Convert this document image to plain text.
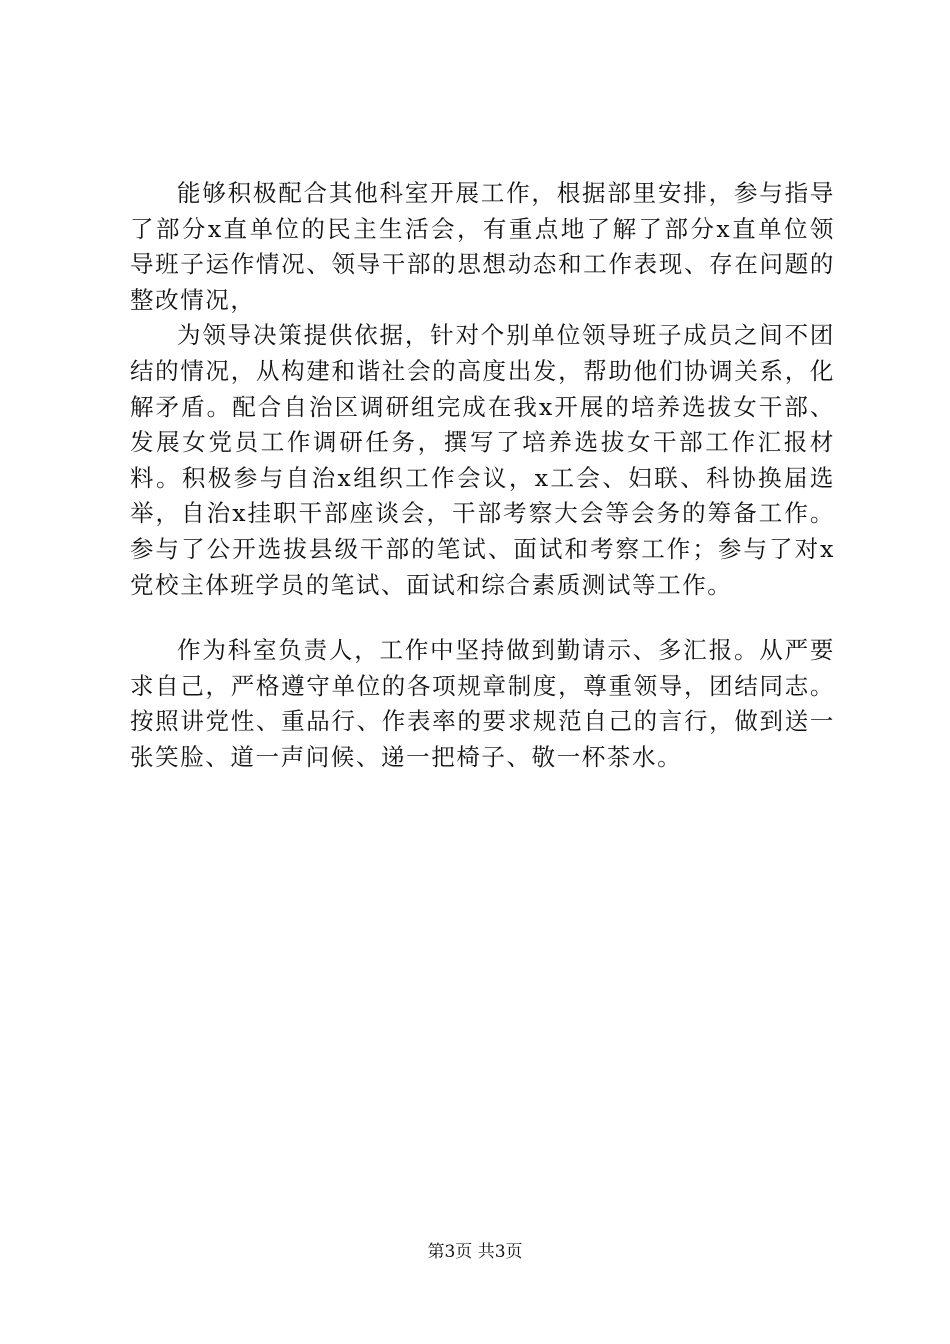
能够积极配合其他科室开展工作，根据部里安排，参与指导了部分x直单位的民主生活会，有重点地了解了部分x直单位领导班子运作情况、领导干部的思想动态和工作表现、存在问题的整改情况，

为领导决策提供依据，针对个别单位领导班子成员之间不团结的情况，从构建和谐社会的高度出发，帮助他们协调关系，化解矛盾。配合自治区调研组完成在我x开展的培养选拔女干部、发展女党员工作调研任务，撰写了培养选拔女干部工作汇报材料。积极参与自治x组织工作会议，x工会、妇联、科协换届选举，自治x挂职干部座谈会，干部考察大会等会务的筹备工作。参与了公开选拔县级干部的笔试、面试和考察工作；参与了对x党校主体班学员的笔试、面试和综合素质测试等工作。

作为科室负责人，工作中坚持做到勤请示、多汇报。从严要求自己，严格遵守单位的各项规章制度，尊重领导，团结同志。按照讲党性、重品行、作表率的要求规范自己的言行，做到送一张笑脸、道一声问候、递一把椅子、敬一杯茶水。

第3页 共3页
